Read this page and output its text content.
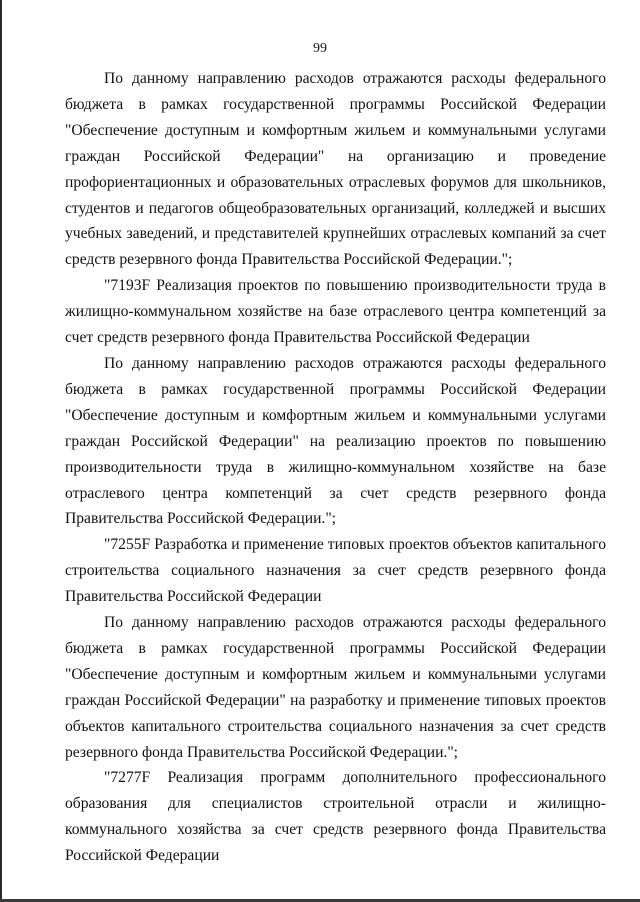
99

По данному направлению расходов отражаются расходы федерального бюджета в рамках государственной программы Российской Федерации "Обеспечение доступным и комфортным жильем и коммунальными услугами граждан Российской Федерации" на организацию и проведение профориентационных и образовательных отраслевых форумов для школьников, студентов и педагогов общеобразовательных организаций, колледжей и высших учебных заведений, и представителей крупнейших отраслевых компаний за счет средств резервного фонда Правительства Российской Федерации.";

"7193F Реализация проектов по повышению производительности труда в жилищно-коммунальном хозяйстве на базе отраслевого центра компетенций за счет средств резервного фонда Правительства Российской Федерации

По данному направлению расходов отражаются расходы федерального бюджета в рамках государственной программы Российской Федерации "Обеспечение доступным и комфортным жильем и коммунальными услугами граждан Российской Федерации" на реализацию проектов по повышению производительности труда в жилищно-коммунальном хозяйстве на базе отраслевого центра компетенций за счет средств резервного фонда Правительства Российской Федерации.";

"7255F Разработка и применение типовых проектов объектов капитального строительства социального назначения за счет средств резервного фонда Правительства Российской Федерации

По данному направлению расходов отражаются расходы федерального бюджета в рамках государственной программы Российской Федерации "Обеспечение доступным и комфортным жильем и коммунальными услугами граждан Российской Федерации" на разработку и применение типовых проектов объектов капитального строительства социального назначения за счет средств резервного фонда Правительства Российской Федерации.";

"7277F Реализация программ дополнительного профессионального образования для специалистов строительной отрасли и жилищно-коммунального хозяйства за счет средств резервного фонда Правительства Российской Федерации
